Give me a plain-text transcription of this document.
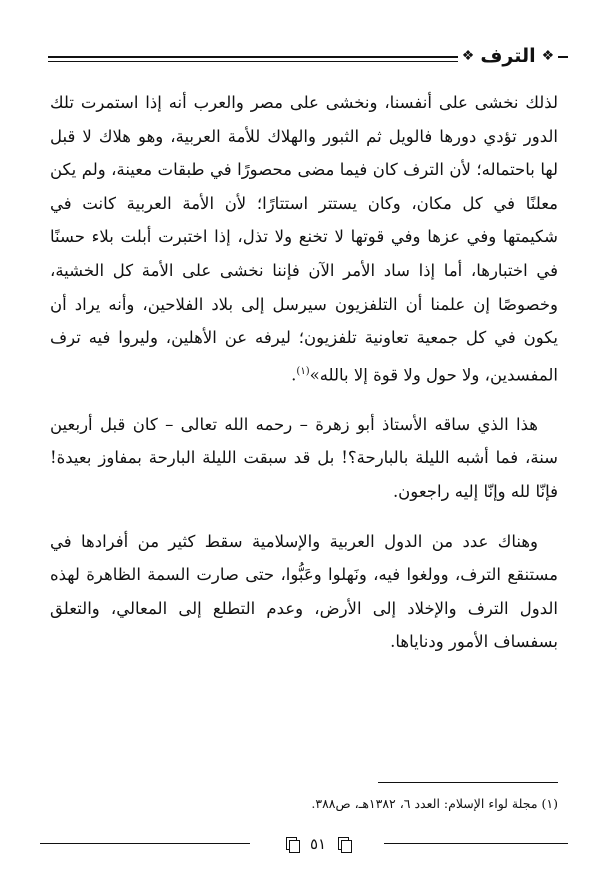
❖ الترف ❖

لذلك نخشى على أنفسنا، ونخشى على مصر والعرب أنه إذا استمرت تلك الدور تؤدي دورها فالويل ثم الثبور والهلاك للأمة العربية، وهو هلاك لا قبل لها باحتماله؛ لأن الترف كان فيما مضى محصورًا في طبقات معينة، ولم يكن معلنًا في كل مكان، وكان يستتر استتارًا؛ لأن الأمة العربية كانت في شكيمتها وفي عزها وفي قوتها لا تخنع ولا تذل، إذا اختبرت أبلت بلاء حسنًا في اختبارها، أما إذا ساد الأمر الآن فإننا نخشى على الأمة كل الخشية، وخصوصًا إن علمنا أن التلفزيون سيرسل إلى بلاد الفلاحين، وأنه يراد أن يكون في كل جمعية تعاونية تلفزيون؛ ليرفه عن الأهلين، وليروا فيه ترف المفسدين، ولا حول ولا قوة إلا بالله»$^{(١)}$.

هذا الذي ساقه الأستاذ أبو زهرة – رحمه الله تعالى – كان قبل أربعين سنة، فما أشبه الليلة بالبارحة؟! بل قد سبقت الليلة البارحة بمفاوز بعيدة! فإنّا لله وإنّا إليه راجعون.

وهناك عدد من الدول العربية والإسلامية سقط كثير من أفرادها في مستنقع الترف، وولغوا فيه، ونَهلوا وعَبُّوا، حتى صارت السمة الظاهرة لهذه الدول الترف والإخلاد إلى الأرض، وعدم التطلع إلى المعالي، والتعلق بسفساف الأمور ودناياها.

(١) مجلة لواء الإسلام: العدد ٦، ١٣٨٢هـ، ص٣٨٨.
٥١
